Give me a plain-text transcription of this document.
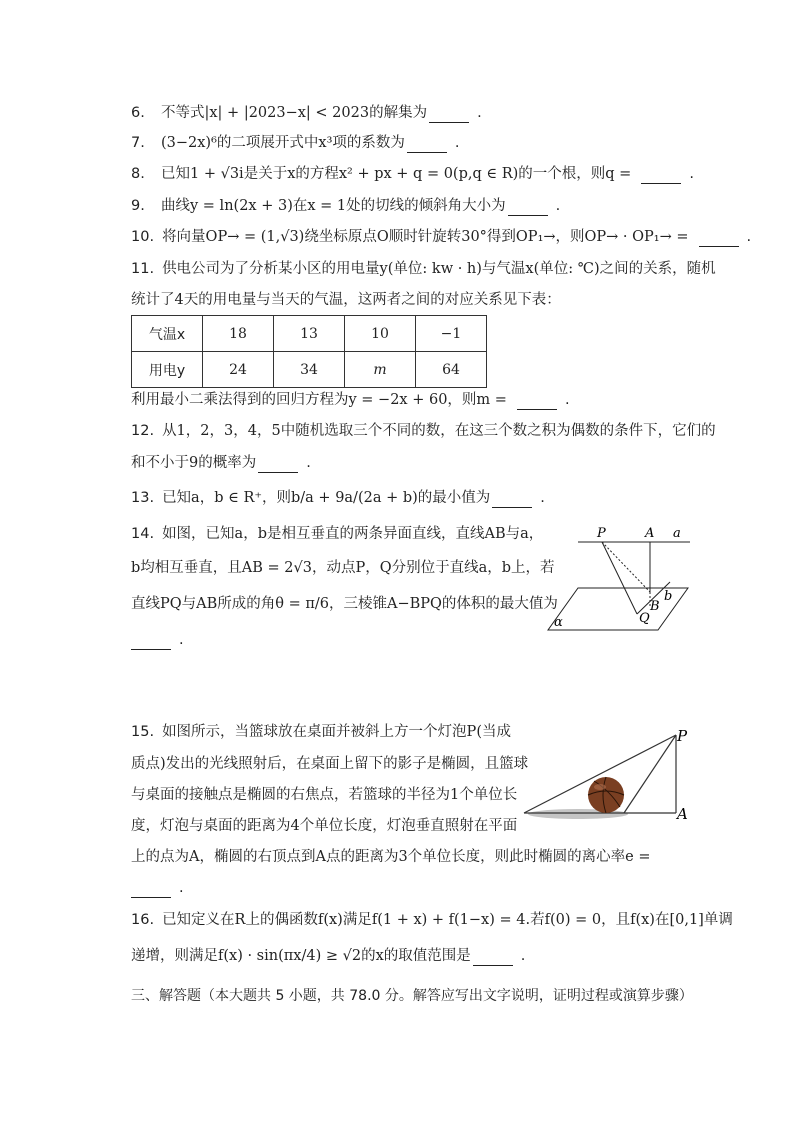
6. 不等式|x| + |2023−x| < 2023的解集为	.
7. (3−2x)⁶的二项展开式中x³项的系数为	.
8. 已知1 + √3i是关于x的方程x² + px + q = 0(p,q ∈ R)的一个根，则q =	.
9. 曲线y = ln(2x + 3)在x = 1处的切线的倾斜角大小为	.
10. 将向量OP→ = (1,√3)绕坐标原点O顺时针旋转30°得到OP₁→，则OP→ · OP₁→ =	.
11. 供电公司为了分析某小区的用电量y(单位: kw · h)与气温x(单位: ℃)之间的关系，随机
统计了4天的用电量与当天的气温，这两者之间的对应关系见下表：
气温x	18	13	10	−1
用电y	24	34	m	64
利用最小二乘法得到的回归方程为y = −2x + 60，则m =	.
12. 从1，2，3，4，5中随机选取三个不同的数，在这三个数之积为偶数的条件下，它们的
和不小于9的概率为	.
13. 已知a，b ∈ R⁺，则b/a + 9a/(2a + b)的最小值为	.
14. 如图，已知a，b是相互垂直的两条异面直线，直线AB与a，
b均相互垂直，且AB = 2√3，动点P，Q分别位于直线a，b上，若
直线PQ与AB所成的角θ = π/6，三棱锥A−BPQ的体积的最大值为
.
P	A a
b
B
Q
α
15. 如图所示，当篮球放在桌面并被斜上方一个灯泡P(当成
质点)发出的光线照射后，在桌面上留下的影子是椭圆，且篮球
与桌面的接触点是椭圆的右焦点，若篮球的半径为1个单位长
度，灯泡与桌面的距离为4个单位长度，灯泡垂直照射在平面
上的点为A，椭圆的右顶点到A点的距离为3个单位长度，则此时椭圆的离心率e =
.
P
A
16. 已知定义在R上的偶函数f(x)满足f(1 + x) + f(1−x) = 4.若f(0) = 0，且f(x)在[0,1]单调
递增，则满足f(x) · sin(πx/4) ≥ √2的x的取值范围是	.
三、解答题（本大题共 5 小题，共 78.0 分。解答应写出文字说明，证明过程或演算步骤）
